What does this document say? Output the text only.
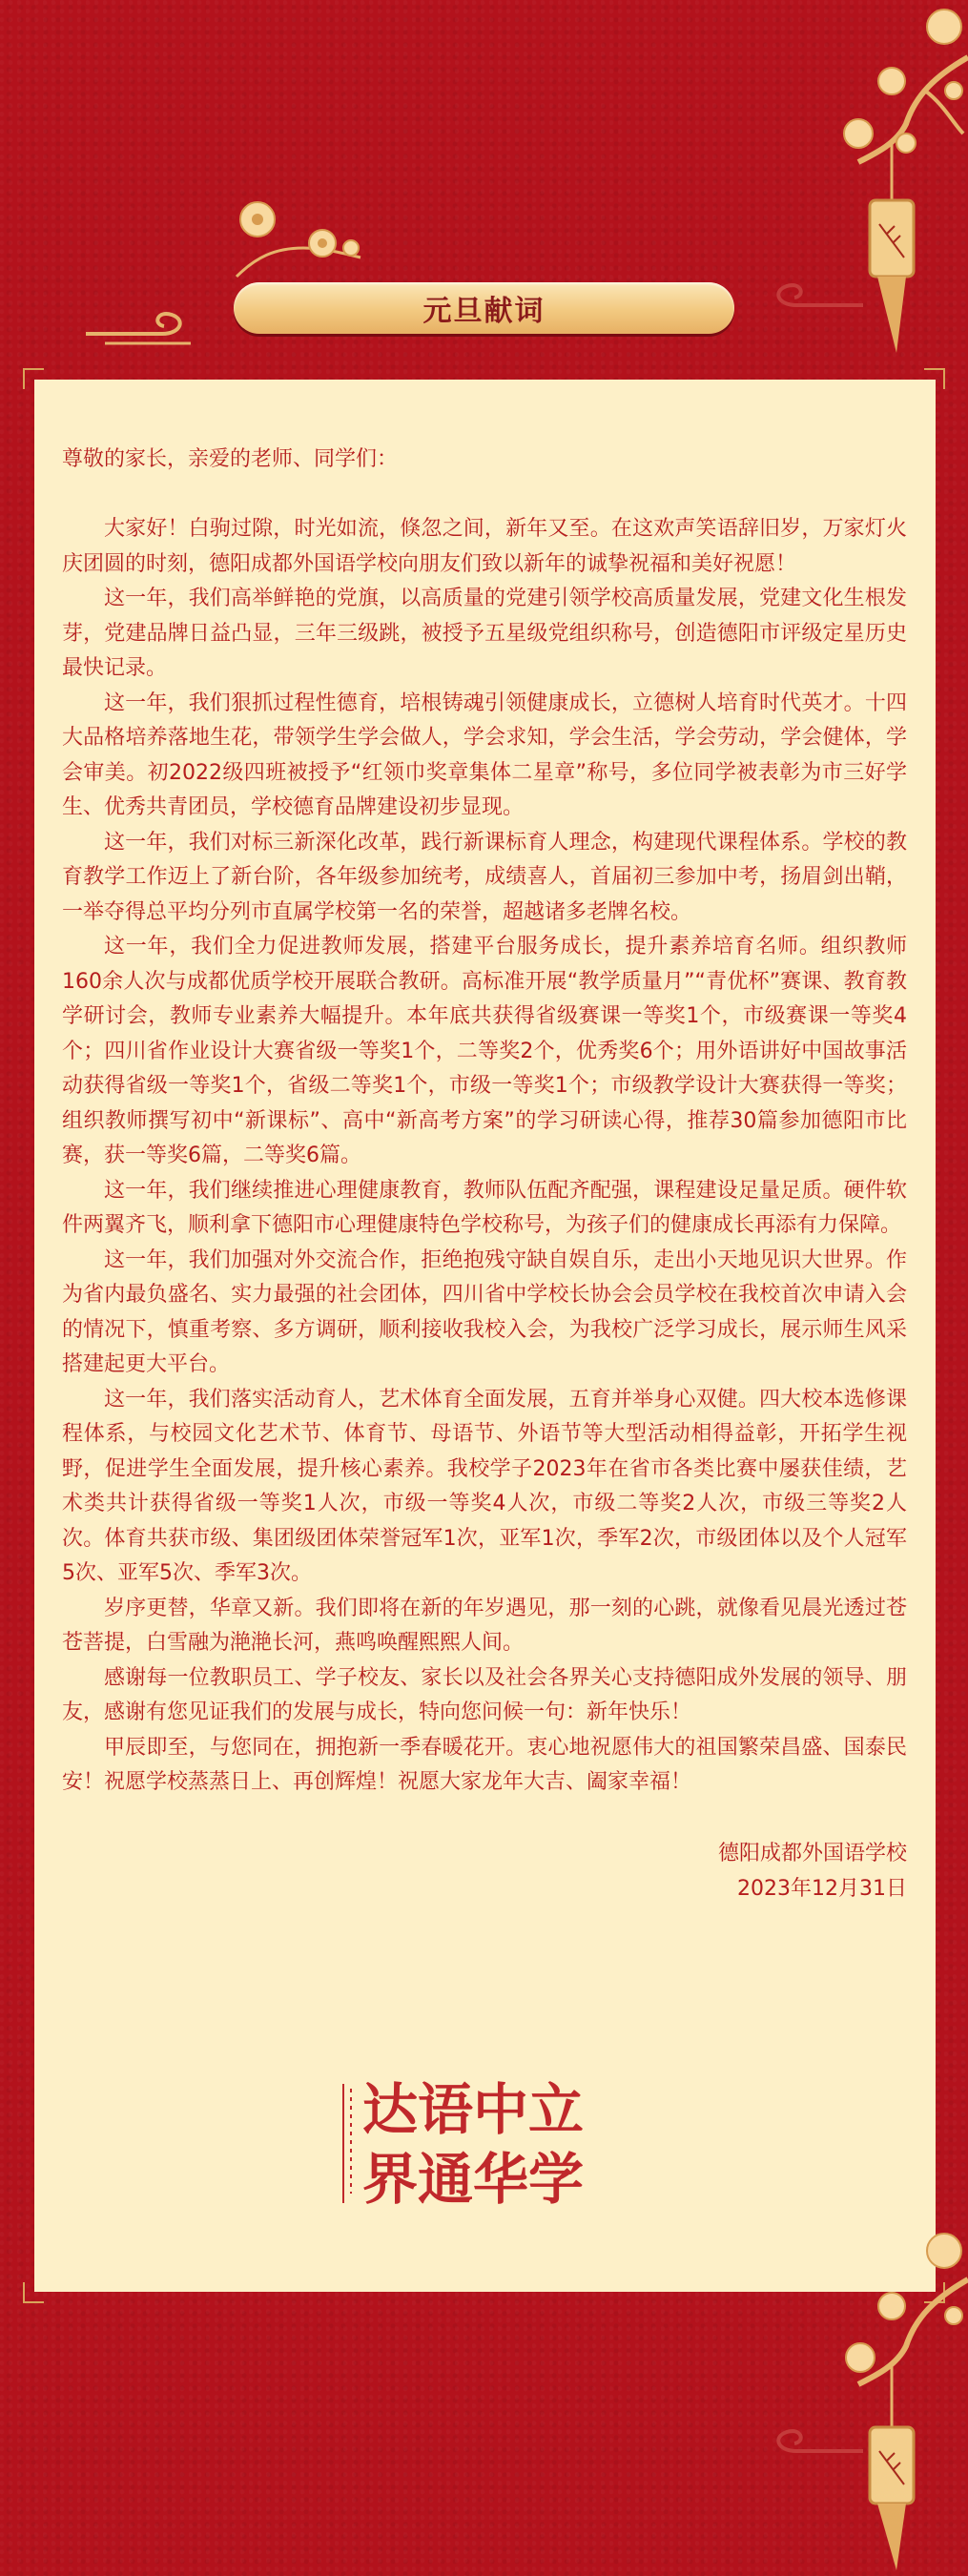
元旦献词

尊敬的家长，亲爱的老师、同学们：

大家好！白驹过隙，时光如流，倏忽之间，新年又至。在这欢声笑语辞旧岁，万家灯火庆团圆的时刻，德阳成都外国语学校向朋友们致以新年的诚挚祝福和美好祝愿！

这一年，我们高举鲜艳的党旗，以高质量的党建引领学校高质量发展，党建文化生根发芽，党建品牌日益凸显，三年三级跳，被授予五星级党组织称号，创造德阳市评级定星历史最快记录。

这一年，我们狠抓过程性德育，培根铸魂引领健康成长，立德树人培育时代英才。十四大品格培养落地生花，带领学生学会做人，学会求知，学会生活，学会劳动，学会健体，学会审美。初2022级四班被授予“红领巾奖章集体二星章”称号，多位同学被表彰为市三好学生、优秀共青团员，学校德育品牌建设初步显现。

这一年，我们对标三新深化改革，践行新课标育人理念，构建现代课程体系。学校的教育教学工作迈上了新台阶，各年级参加统考，成绩喜人，首届初三参加中考，扬眉剑出鞘，一举夺得总平均分列市直属学校第一名的荣誉，超越诸多老牌名校。

这一年，我们全力促进教师发展，搭建平台服务成长，提升素养培育名师。组织教师160余人次与成都优质学校开展联合教研。高标准开展“教学质量月”“青优杯”赛课、教育教学研讨会，教师专业素养大幅提升。本年底共获得省级赛课一等奖1个，市级赛课一等奖4个；四川省作业设计大赛省级一等奖1个，二等奖2个，优秀奖6个；用外语讲好中国故事活动获得省级一等奖1个，省级二等奖1个，市级一等奖1个；市级教学设计大赛获得一等奖；组织教师撰写初中“新课标”、高中“新高考方案”的学习研读心得，推荐30篇参加德阳市比赛，获一等奖6篇，二等奖6篇。

这一年，我们继续推进心理健康教育，教师队伍配齐配强，课程建设足量足质。硬件软件两翼齐飞，顺利拿下德阳市心理健康特色学校称号，为孩子们的健康成长再添有力保障。

这一年，我们加强对外交流合作，拒绝抱残守缺自娱自乐，走出小天地见识大世界。作为省内最负盛名、实力最强的社会团体，四川省中学校长协会会员学校在我校首次申请入会的情况下，慎重考察、多方调研，顺利接收我校入会，为我校广泛学习成长，展示师生风采搭建起更大平台。

这一年，我们落实活动育人，艺术体育全面发展，五育并举身心双健。四大校本选修课程体系，与校园文化艺术节、体育节、母语节、外语节等大型活动相得益彰，开拓学生视野，促进学生全面发展，提升核心素养。我校学子2023年在省市各类比赛中屡获佳绩，艺术类共计获得省级一等奖1人次，市级一等奖4人次，市级二等奖2人次，市级三等奖2人次。体育共获市级、集团级团体荣誉冠军1次，亚军1次，季军2次，市级团体以及个人冠军5次、亚军5次、季军3次。

岁序更替，华章又新。我们即将在新的年岁遇见，那一刻的心跳，就像看见晨光透过苍苍菩提，白雪融为滟滟长河，燕鸣唤醒熙熙人间。

感谢每一位教职员工、学子校友、家长以及社会各界关心支持德阳成外发展的领导、朋友，感谢有您见证我们的发展与成长，特向您问候一句：新年快乐！

甲辰即至，与您同在，拥抱新一季春暖花开。衷心地祝愿伟大的祖国繁荣昌盛、国泰民安！祝愿学校蒸蒸日上、再创辉煌！祝愿大家龙年大吉、阖家幸福！

德阳成都外国语学校

2023年12月31日

达语中立
界通华学
